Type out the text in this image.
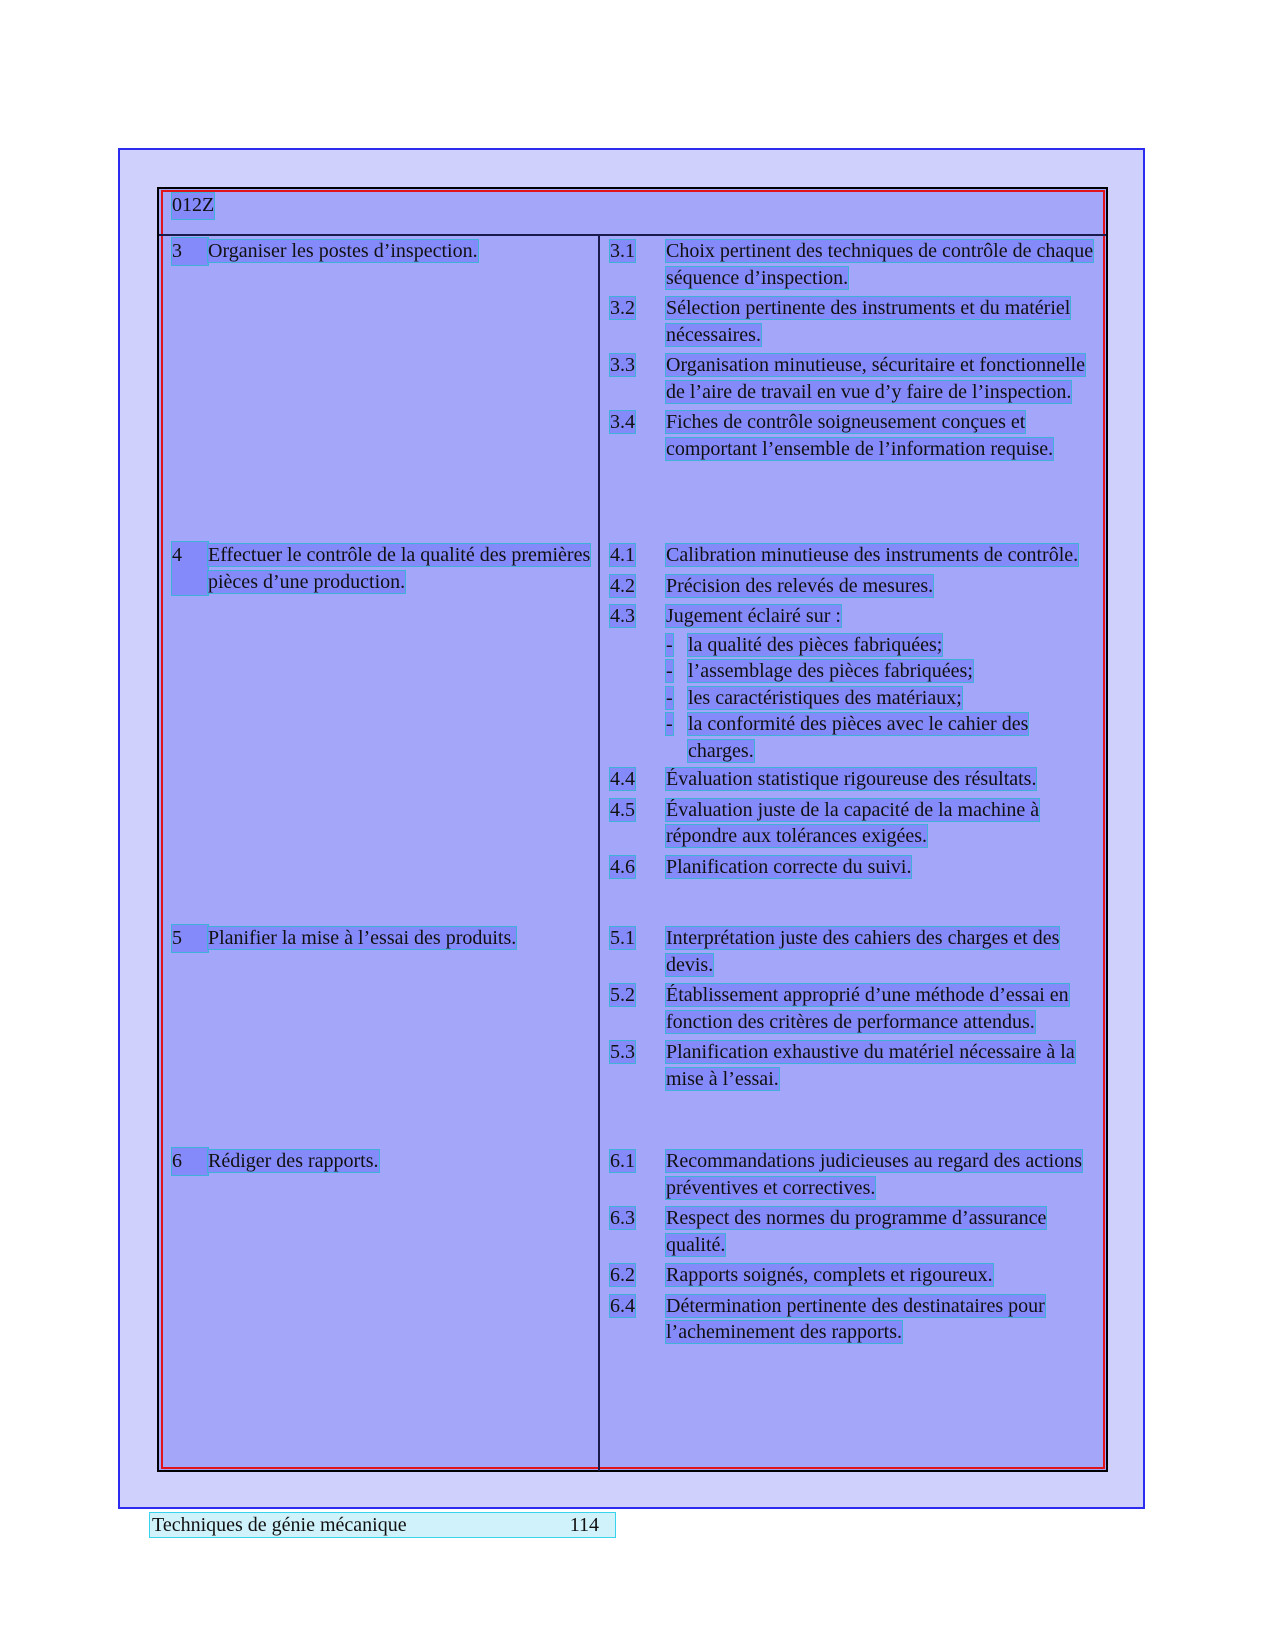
012Z
3	Organiser les postes d’inspection.	3.1	Choix pertinent des techniques de contrôle de chaque séquence d’inspection.
3.2	Sélection pertinente des instruments et du matériel nécessaires.
3.3	Organisation minutieuse, sécuritaire et fonctionnelle de l’aire de travail en vue d’y faire de l’inspection.
3.4	Fiches de contrôle soigneusement conçues et comportant l’ensemble de l’information requise.
4	Effectuer le contrôle de la qualité des premières pièces d’une production.
4.1	Calibration minutieuse des instruments de contrôle.
4.2	Précision des relevés de mesures.
4.3	Jugement éclairé sur :
- la qualité des pièces fabriquées;
- l’assemblage des pièces fabriquées;
- les caractéristiques des matériaux;
- la conformité des pièces avec le cahier des charges.
4.4	Évaluation statistique rigoureuse des résultats.
4.5	Évaluation juste de la capacité de la machine à répondre aux tolérances exigées.
4.6	Planification correcte du suivi.
5	Planifier la mise à l’essai des produits.	5.1	Interprétation juste des cahiers des charges et des devis.
5.2	Établissement approprié d’une méthode d’essai en fonction des critères de performance attendus.
5.3	Planification exhaustive du matériel nécessaire à la mise à l’essai.
6	Rédiger des rapports.	6.1	Recommandations judicieuses au regard des actions préventives et correctives.
6.3	Respect des normes du programme d’assurance qualité.
6.2	Rapports soignés, complets et rigoureux.
6.4	Détermination pertinente des destinataires pour l’acheminement des rapports.
Techniques de génie mécanique	114
